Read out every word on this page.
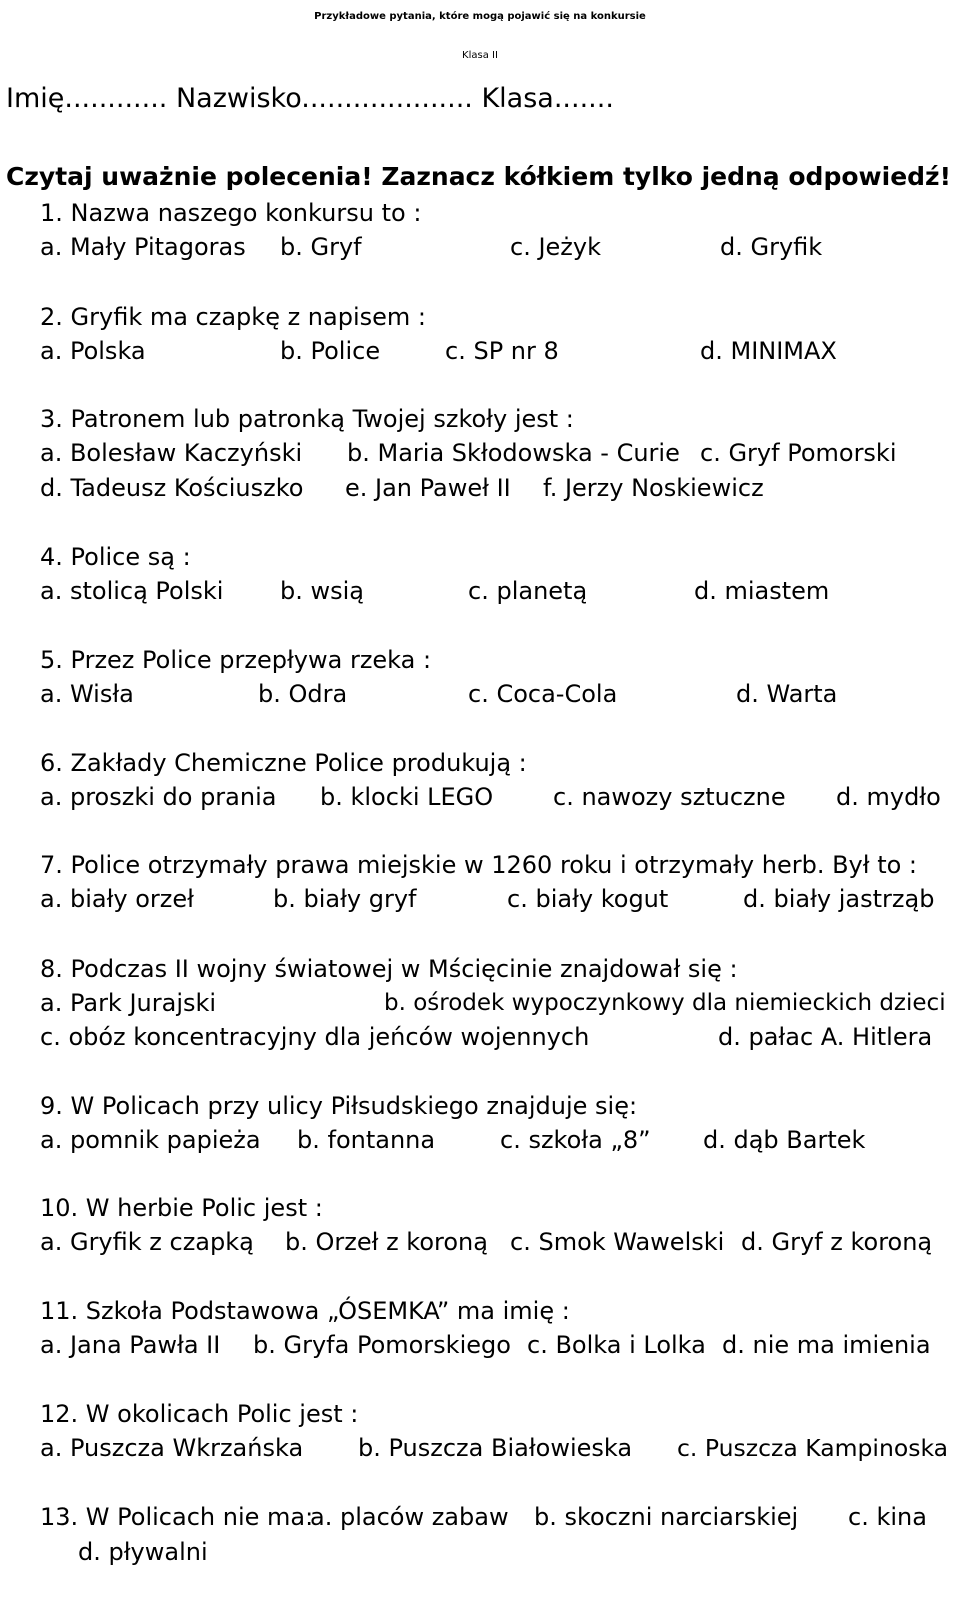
Przykładowe pytania, które mogą pojawić się na konkursie
Klasa II
Imię............ Nazwisko.................... Klasa.......
Czytaj uważnie polecenia! Zaznacz kółkiem tylko jedną odpowiedź!
1. Nazwa naszego konkursu to :
a. Mały Pitagoras b. Gryf	c. Jeżyk	d. Gryfik
2. Gryfik ma czapkę z napisem :
a. Polska	b. Police	c. SP nr 8	d. MINIMAX
3. Patronem lub patronką Twojej szkoły jest :
a. Bolesław Kaczyński b. Maria Skłodowska - Curie c. Gryf Pomorski
d. Tadeusz Kościuszko e. Jan Paweł II f. Jerzy Noskiewicz
4. Police są :
a. stolicą Polski b. wsią	c. planetą	d. miastem
5. Przez Police przepływa rzeka :
a. Wisła	b. Odra	c. Coca-Cola	d. Warta
6. Zakłady Chemiczne Police produkują :
a. proszki do prania b. klocki LEGO c. nawozy sztuczne d. mydło
7. Police otrzymały prawa miejskie w 1260 roku i otrzymały herb. Był to :
a. biały orzeł	b. biały gryf	c. biały kogut	d. biały jastrząb
8. Podczas II wojny światowej w Mścięcinie znajdował się :
a. Park Jurajski	b. ośrodek wypoczynkowy dla niemieckich dzieci
c. obóz koncentracyjny dla jeńców wojennych	d. pałac A. Hitlera
9. W Policach przy ulicy Piłsudskiego znajduje się:
a. pomnik papieża b. fontanna	c. szkoła „8” d. dąb Bartek
10. W herbie Polic jest :
a. Gryfik z czapką b. Orzeł z koroną c. Smok Wawelski d. Gryf z koroną
11. Szkoła Podstawowa „ÓSEMKA” ma imię :
a. Jana Pawła II b. Gryfa Pomorskiego c. Bolka i Lolka d. nie ma imienia
12. W okolicach Polic jest :
a. Puszcza Wkrzańska b. Puszcza Białowieska c. Puszcza Kampinoska
13. W Policach nie ma:
a. placów zabaw b. skoczni narciarskiej c. kina
d. pływalni
